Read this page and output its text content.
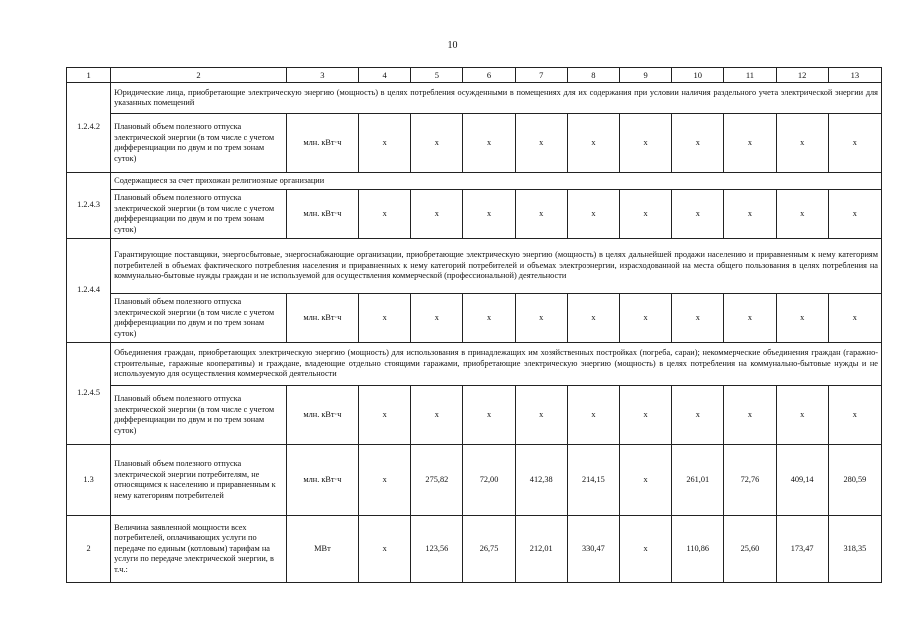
10
1	2	3	4	5	6	7	8	9	10	11	12	13
1.2.4.2	Юридические лица, приобретающие электрическую энергию (мощность) в целях потребления осужденными в помещениях для их содержания при условии наличия раздельного учета электрической энергии для указанных помещений											
	Плановый объем полезного отпуска электрической энергии (в том числе с учетом дифференциации по двум и по трем зонам суток)	млн. кВт·ч	х	х	х	х	х	х	х	х	х	х
1.2.4.3	Содержащиеся за счет прихожан религиозные организации											
	Плановый объем полезного отпуска электрической энергии (в том числе с учетом дифференциации по двум и по трем зонам суток)	млн. кВт·ч	х	х	х	х	х	х	х	х	х	х
1.2.4.4	Гарантирующие поставщики, энергосбытовые, энергоснабжающие организации, приобретающие электрическую энергию (мощность) в целях дальнейшей продажи населению и приравненным к нему категориям потребителей в объемах фактического потребления населения и приравненных к нему категорий потребителей и объемах электроэнергии, израсходованной на места общего пользования в целях потребления на коммунально-бытовые нужды граждан и не используемой для осуществления коммерческой (профессиональной) деятельности											
	Плановый объем полезного отпуска электрической энергии (в том числе с учетом дифференциации по двум и по трем зонам суток)	млн. кВт·ч	х	х	х	х	х	х	х	х	х	х
1.2.4.5	Объединения граждан, приобретающих электрическую энергию (мощность) для использования в принадлежащих им хозяйственных постройках (погреба, сараи); некоммерческие объединения граждан (гаражно-строительные, гаражные кооперативы) и граждане, владеющие отдельно стоящими гаражами, приобретающие электрическую энергию (мощность) в целях потребления на коммунально-бытовые нужды и не используемую для осуществления коммерческой деятельности											
	Плановый объем полезного отпуска электрической энергии (в том числе с учетом дифференциации по двум и по трем зонам суток)	млн. кВт·ч	х	х	х	х	х	х	х	х	х	х
1.3	Плановый объем полезного отпуска электрической энергии потребителям, не относящимся к населению и приравненным к нему категориям потребителей	млн. кВт·ч	х	275,82	72,00	412,38	214,15	х	261,01	72,76	409,14	280,59
2	Величина заявленной мощности всех потребителей, оплачивающих услуги по передаче по единым (котловым) тарифам на услуги по передаче электрической энергии, в т.ч.:	МВт	х	123,56	26,75	212,01	330,47	х	110,86	25,60	173,47	318,35
